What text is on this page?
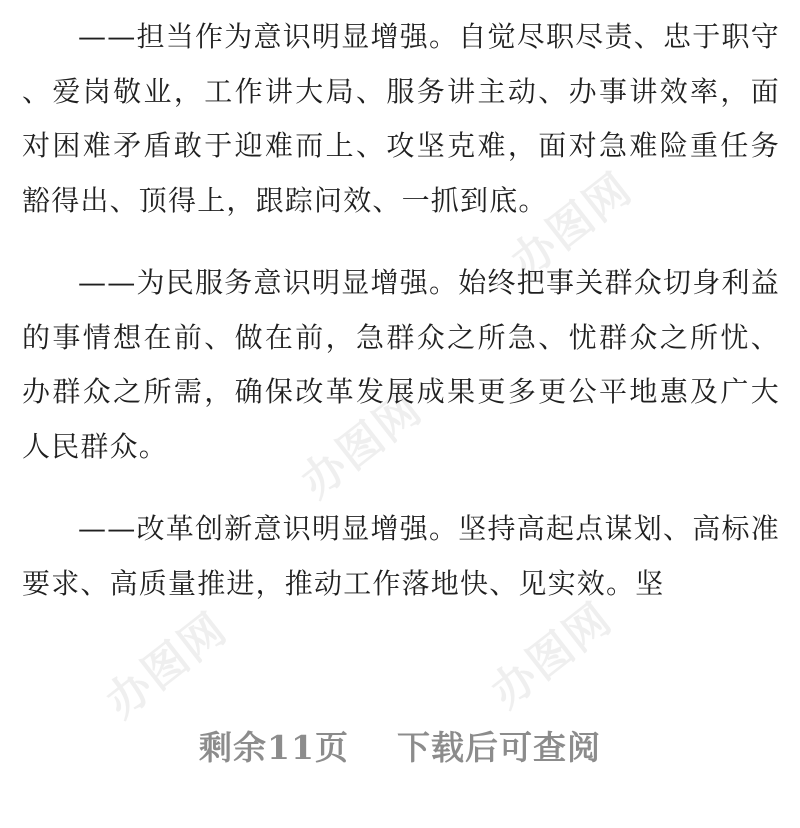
办图网
办图网
办图网
办图网

——担当作为意识明显增强。自觉尽职尽责、忠于职守、爱岗敬业，工作讲大局、服务讲主动、办事讲效率，面对困难矛盾敢于迎难而上、攻坚克难，面对急难险重任务豁得出、顶得上，跟踪问效、一抓到底。

——为民服务意识明显增强。始终把事关群众切身利益的事情想在前、做在前，急群众之所急、忧群众之所忧、办群众之所需，确保改革发展成果更多更公平地惠及广大人民群众。

——改革创新意识明显增强。坚持高起点谋划、高标准要求、高质量推进，推动工作落地快、见实效。坚

剩余11页 下载后可查阅
